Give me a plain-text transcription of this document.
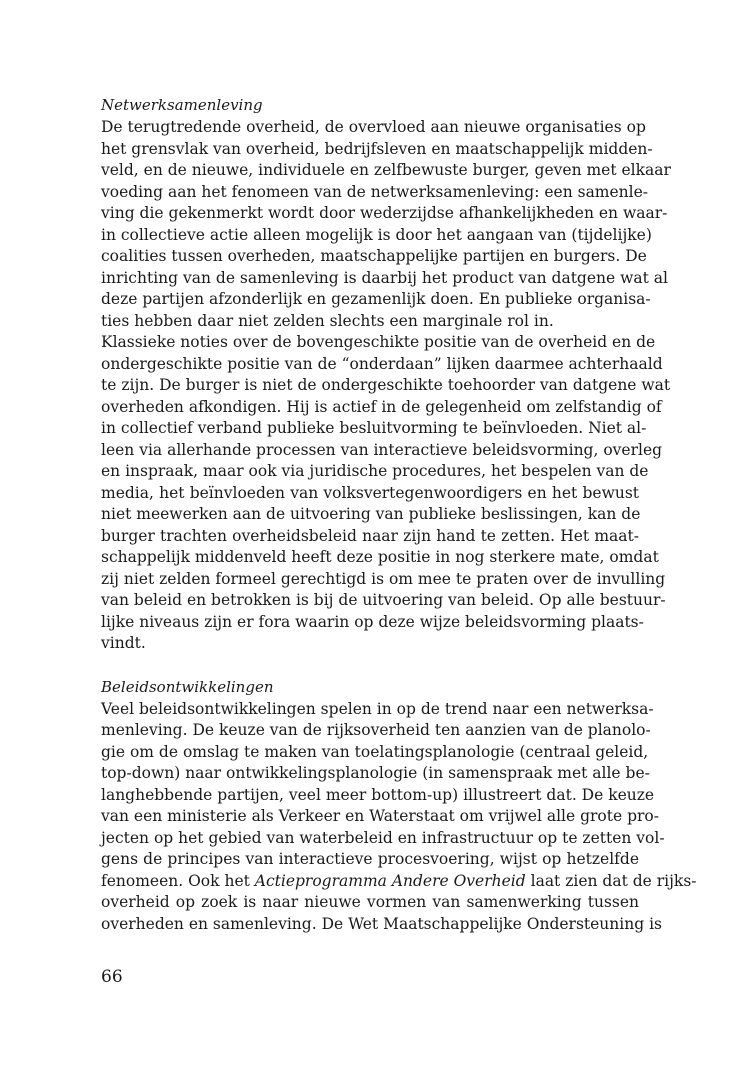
Netwerksamenleving
De terugtredende overheid, de overvloed aan nieuwe organisaties op
het grensvlak van overheid, bedrijfsleven en maatschappelijk midden-
veld, en de nieuwe, individuele en zelfbewuste burger, geven met elkaar
voeding aan het fenomeen van de netwerksamenleving: een samenle-
ving die gekenmerkt wordt door wederzijdse afhankelijkheden en waar-
in collectieve actie alleen mogelijk is door het aangaan van (tijdelijke)
coalities tussen overheden, maatschappelijke partijen en burgers. De
inrichting van de samenleving is daarbij het product van datgene wat al
deze partijen afzonderlijk en gezamenlijk doen. En publieke organisa-
ties hebben daar niet zelden slechts een marginale rol in.
Klassieke noties over de bovengeschikte positie van de overheid en de
ondergeschikte positie van de “onderdaan” lijken daarmee achterhaald
te zijn. De burger is niet de ondergeschikte toehoorder van datgene wat
overheden afkondigen. Hij is actief in de gelegenheid om zelfstandig of
in collectief verband publieke besluitvorming te beïnvloeden. Niet al-
leen via allerhande processen van interactieve beleidsvorming, overleg
en inspraak, maar ook via juridische procedures, het bespelen van de
media, het beïnvloeden van volksvertegenwoordigers en het bewust
niet meewerken aan de uitvoering van publieke beslissingen, kan de
burger trachten overheidsbeleid naar zijn hand te zetten. Het maat-
schappelijk middenveld heeft deze positie in nog sterkere mate, omdat
zij niet zelden formeel gerechtigd is om mee te praten over de invulling
van beleid en betrokken is bij de uitvoering van beleid. Op alle bestuur-
lijke niveaus zijn er fora waarin op deze wijze beleidsvorming plaats-
vindt.
Beleidsontwikkelingen
Veel beleidsontwikkelingen spelen in op de trend naar een netwerksa-
menleving. De keuze van de rijksoverheid ten aanzien van de planolo-
gie om de omslag te maken van toelatingsplanologie (centraal geleid,
top-down) naar ontwikkelingsplanologie (in samenspraak met alle be-
langhebbende partijen, veel meer bottom-up) illustreert dat. De keuze
van een ministerie als Verkeer en Waterstaat om vrijwel alle grote pro-
jecten op het gebied van waterbeleid en infrastructuur op te zetten vol-
gens de principes van interactieve procesvoering, wijst op hetzelfde
fenomeen. Ook het Actieprogramma Andere Overheid laat zien dat de rijks-
overheid op zoek is naar nieuwe vormen van samenwerking tussen
overheden en samenleving. De Wet Maatschappelijke Ondersteuning is
66
